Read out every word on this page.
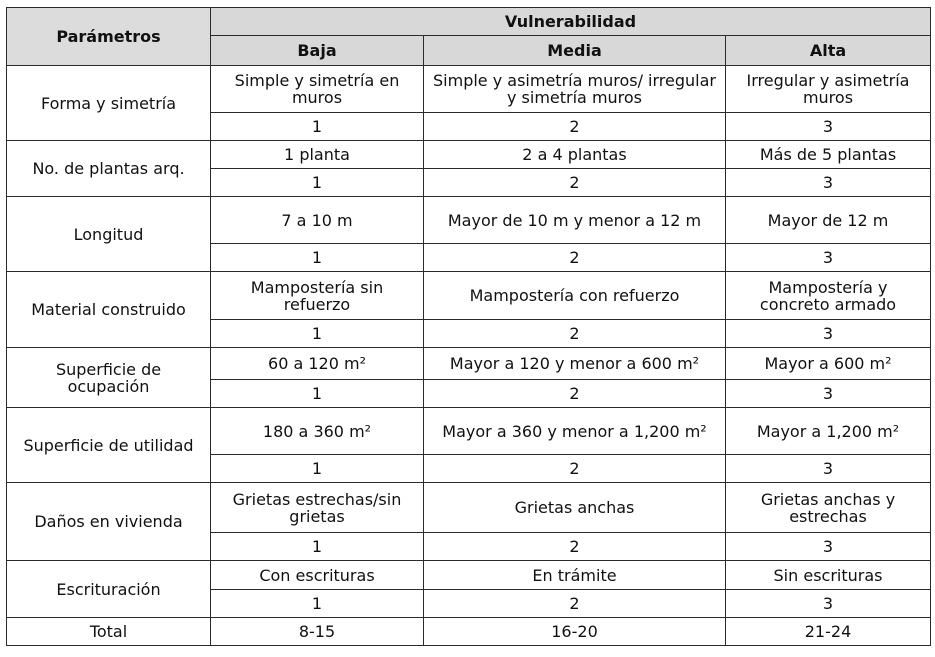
Parámetros	Vulnerabilidad		
	Baja	Media	Alta
Forma y simetría	Simple y simetría en muros	Simple y asimetría muros/ irregular y simetría muros	Irregular y asimetría muros
	1	2	3
No. de plantas arq.	1 planta	2 a 4 plantas	Más de 5 plantas
	1	2	3
Longitud	7 a 10 m	Mayor de 10 m y menor a 12 m	Mayor de 12 m
	1	2	3
Material construido	Mampostería sin refuerzo	Mampostería con refuerzo	Mampostería y concreto armado
	1	2	3
Superficie de ocupación	60 a 120 m²	Mayor a 120 y menor a 600 m²	Mayor a 600 m²
	1	2	3
Superficie de utilidad	180 a 360 m²	Mayor a 360 y menor a 1,200 m²	Mayor a 1,200 m²
	1	2	3
Daños en vivienda	Grietas estrechas/sin grietas	Grietas anchas	Grietas anchas y estrechas
	1	2	3
Escrituración	Con escrituras	En trámite	Sin escrituras
	1	2	3
Total	8-15	16-20	21-24
